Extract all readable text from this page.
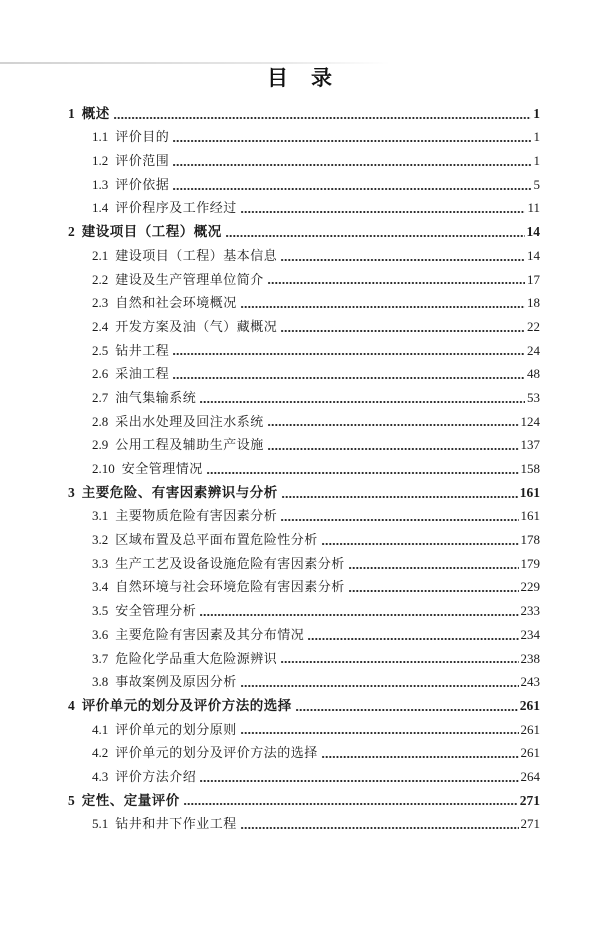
目　录
1 概述	1
1.1 评价目的	1
1.2 评价范围	1
1.3 评价依据	5
1.4 评价程序及工作经过	11
2 建设项目（工程）概况	14
2.1 建设项目（工程）基本信息	14
2.2 建设及生产管理单位简介	17
2.3 自然和社会环境概况	18
2.4 开发方案及油（气）藏概况	22
2.5 钻井工程	24
2.6 采油工程	48
2.7 油气集输系统	53
2.8 采出水处理及回注水系统	124
2.9 公用工程及辅助生产设施	137
2.10 安全管理情况	158
3 主要危险、有害因素辨识与分析	161
3.1 主要物质危险有害因素分析	161
3.2 区域布置及总平面布置危险性分析	178
3.3 生产工艺及设备设施危险有害因素分析	179
3.4 自然环境与社会环境危险有害因素分析	229
3.5 安全管理分析	233
3.6 主要危险有害因素及其分布情况	234
3.7 危险化学品重大危险源辨识	238
3.8 事故案例及原因分析	243
4 评价单元的划分及评价方法的选择	261
4.1 评价单元的划分原则	261
4.2 评价单元的划分及评价方法的选择	261
4.3 评价方法介绍	264
5 定性、定量评价	271
5.1 钻井和井下作业工程	271
